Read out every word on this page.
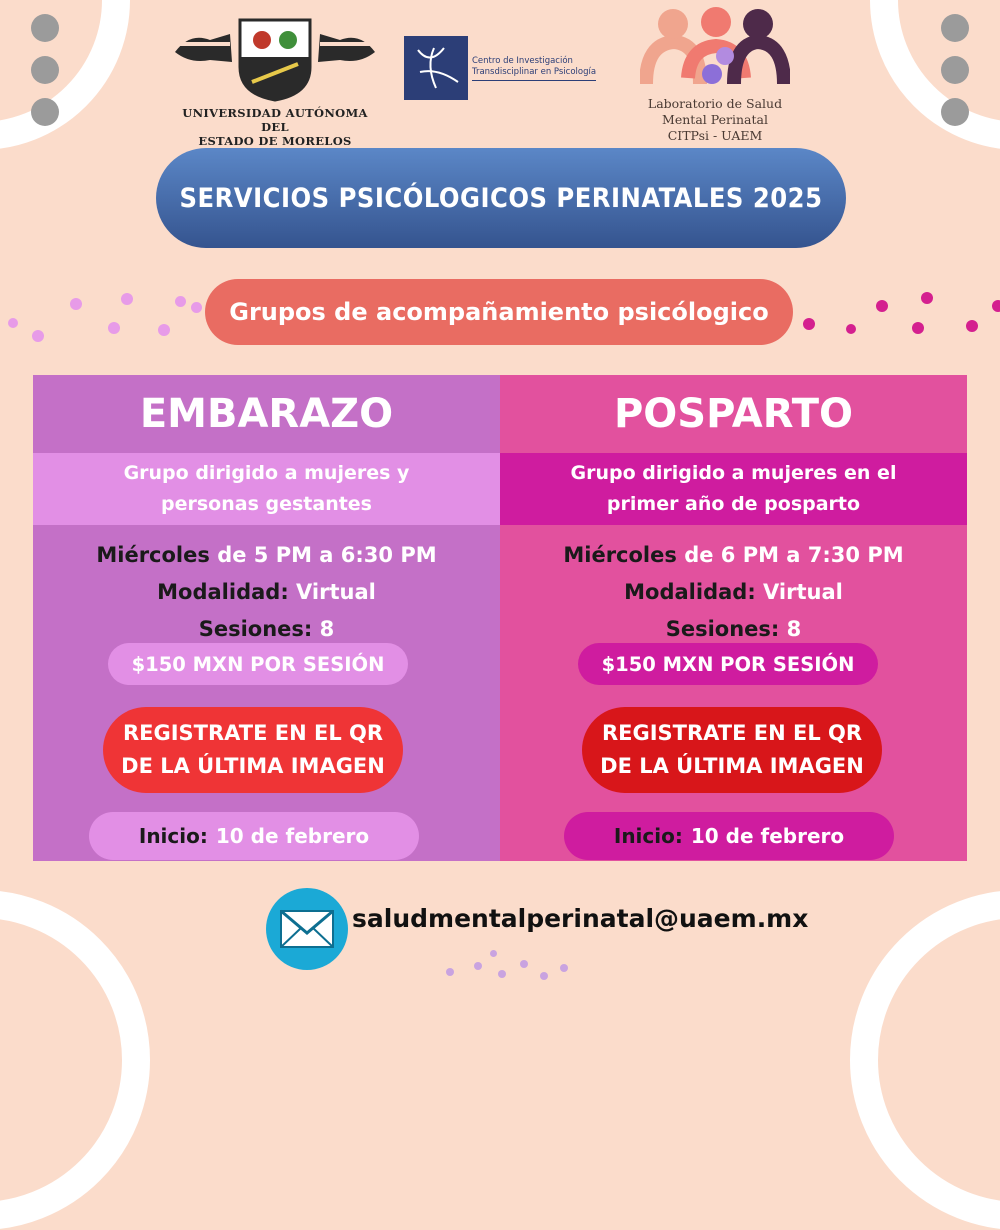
UNIVERSIDAD AUTÓNOMA DEL
ESTADO DE MORELOS
Centro de Investigación
Transdisciplinar en Psicología
Laboratorio de Salud
Mental Perinatal
CITPsi - UAEM
SERVICIOS PSICÓLOGICOS PERINATALES 2025
Grupos de acompañamiento psicólogico
EMBARAZO
Grupo dirigido a mujeres y
personas gestantes
Miércoles de 5 PM a 6:30 PM
Modalidad: Virtual
Sesiones: 8
$150 MXN POR SESIÓN
REGISTRATE EN EL QR
DE LA ÚLTIMA IMAGEN
Inicio: 10 de febrero
POSPARTO
Grupo dirigido a mujeres en el
primer año de posparto
Miércoles de 6 PM a 7:30 PM
Modalidad: Virtual
Sesiones: 8
$150 MXN POR SESIÓN
REGISTRATE EN EL QR
DE LA ÚLTIMA IMAGEN
Inicio: 10 de febrero
saludmentalperinatal@uaem.mx
